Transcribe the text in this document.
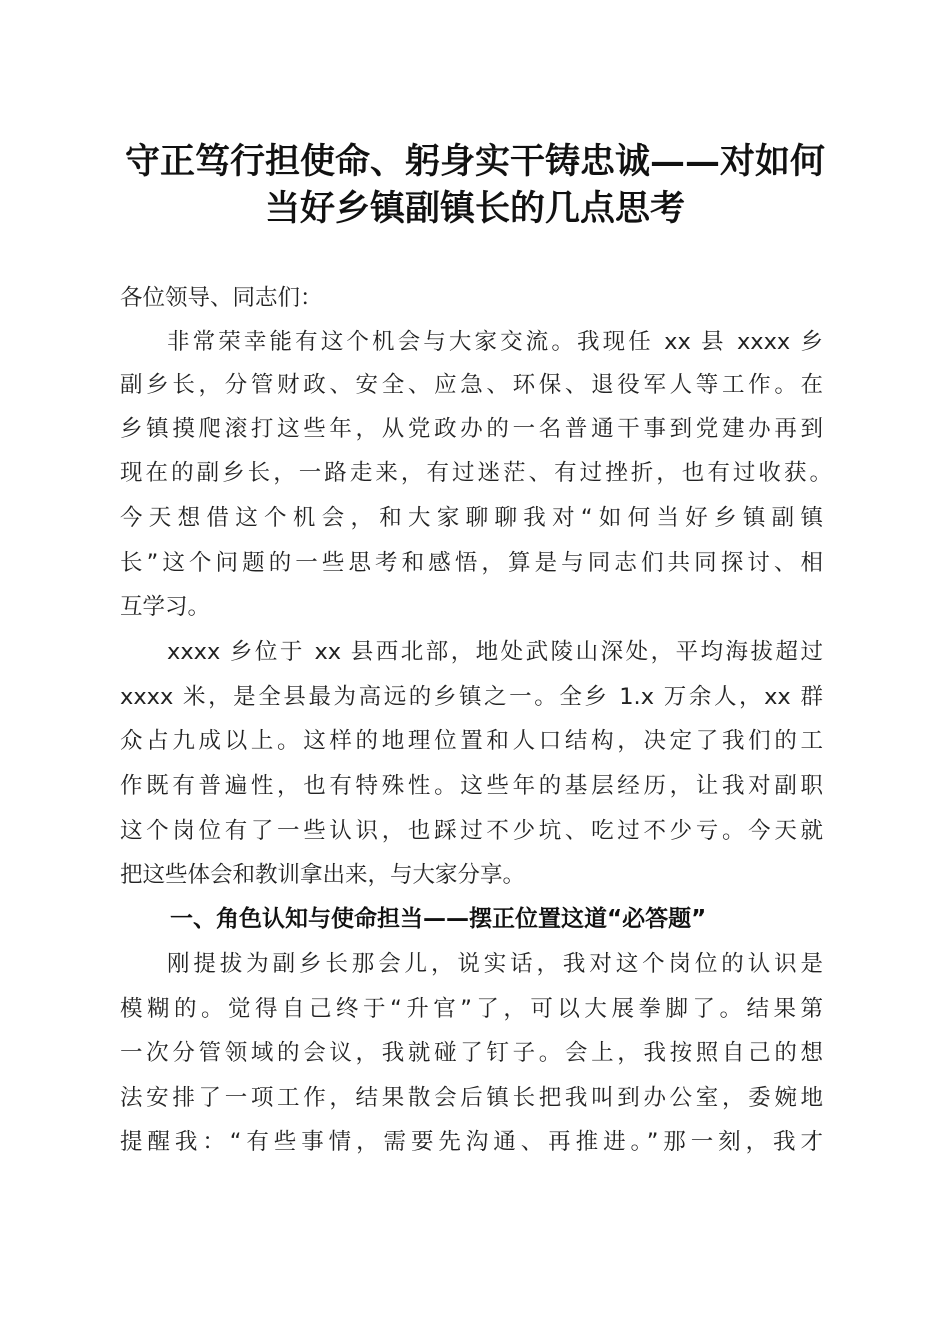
守正笃行担使命、躬身实干铸忠诚——对如何
当好乡镇副镇长的几点思考
各位领导、同志们：
非常荣幸能有这个机会与大家交流。我现任 xx 县 xxxx 乡
副乡长，分管财政、安全、应急、环保、退役军人等工作。在
乡镇摸爬滚打这些年，从党政办的一名普通干事到党建办再到
现在的副乡长，一路走来，有过迷茫、有过挫折，也有过收获。
今天想借这个机会，和大家聊聊我对“如何当好乡镇副镇
长”这个问题的一些思考和感悟，算是与同志们共同探讨、相
互学习。
xxxx 乡位于 xx 县西北部，地处武陵山深处，平均海拔超过
xxxx 米，是全县最为高远的乡镇之一。全乡 1.x 万余人，xx 群
众占九成以上。这样的地理位置和人口结构，决定了我们的工
作既有普遍性，也有特殊性。这些年的基层经历，让我对副职
这个岗位有了一些认识，也踩过不少坑、吃过不少亏。今天就
把这些体会和教训拿出来，与大家分享。
一、角色认知与使命担当——摆正位置这道“必答题”
刚提拔为副乡长那会儿，说实话，我对这个岗位的认识是
模糊的。觉得自己终于“升官”了，可以大展拳脚了。结果第
一次分管领域的会议，我就碰了钉子。会上，我按照自己的想
法安排了一项工作，结果散会后镇长把我叫到办公室，委婉地
提醒我：“有些事情，需要先沟通、再推进。”那一刻，我才
